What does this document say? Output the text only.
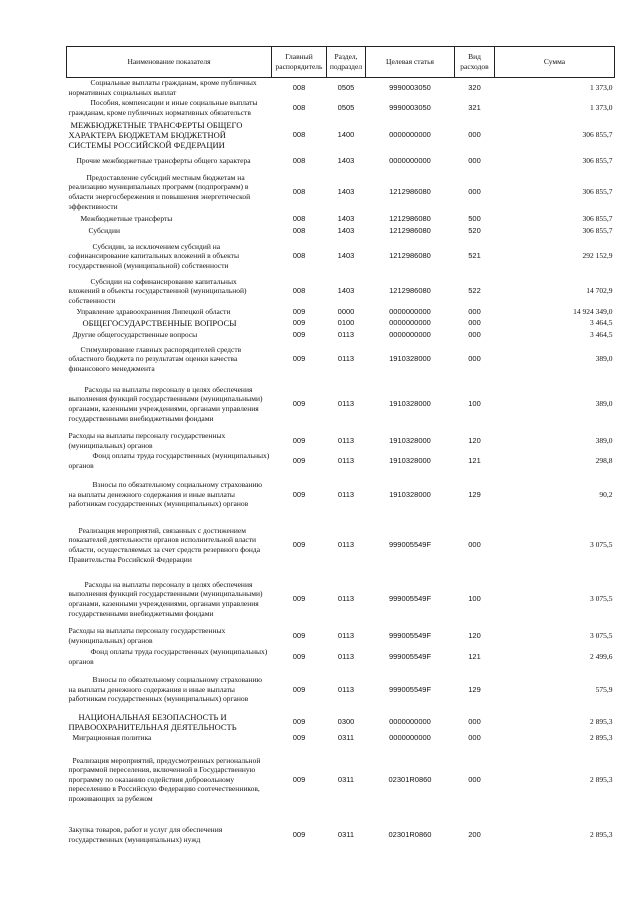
Наименование показателя	Главный распорядитель	Раздел, подраздел	Целевая статья	Вид расходов	Сумма
Социальные выплаты гражданам, кроме публичных нормативных социальных выплат	008	0505	9990003050	320	1 373,0
Пособия, компенсации и иные социальные выплаты гражданам, кроме публичных нормативных обязательств	008	0505	9990003050	321	1 373,0
МЕЖБЮДЖЕТНЫЕ ТРАНСФЕРТЫ ОБЩЕГО ХАРАКТЕРА БЮДЖЕТАМ БЮДЖЕТНОЙ СИСТЕМЫ РОССИЙСКОЙ ФЕДЕРАЦИИ	008	1400	0000000000	000	306 855,7
Прочие межбюджетные трансферты общего характера	008	1403	0000000000	000	306 855,7
Предоставление субсидий местным бюджетам на реализацию муниципальных программ (подпрограмм) в области энергосбережения и повышения энергетической эффективности	008	1403	1212986080	000	306 855,7
Межбюджетные трансферты	008	1403	1212986080	500	306 855,7
Субсидии	008	1403	1212986080	520	306 855,7
Субсидии, за исключением субсидий на софинансирование капитальных вложений в объекты государственной (муниципальной) собственности	008	1403	1212986080	521	292 152,9
Субсидии на софинансирование капитальных вложений в объекты государственной (муниципальной) собственности	008	1403	1212986080	522	14 702,9
Управление здравоохранения Липецкой области	009	0000	0000000000	000	14 924 349,0
ОБЩЕГОСУДАРСТВЕННЫЕ ВОПРОСЫ	009	0100	0000000000	000	3 464,5
Другие общегосударственные вопросы	009	0113	0000000000	000	3 464,5
Стимулирование главных распорядителей средств областного бюджета по результатам оценки качества финансового менеджмента	009	0113	1910328000	000	389,0
Расходы на выплаты персоналу в целях обеспечения выполнения функций государственными (муниципальными) органами, казенными учреждениями, органами управления государственными внебюджетными фондами	009	0113	1910328000	100	389,0
Расходы на выплаты персоналу государственных (муниципальных) органов	009	0113	1910328000	120	389,0
Фонд оплаты труда государственных (муниципальных) органов	009	0113	1910328000	121	298,8
Взносы по обязательному социальному страхованию на выплаты денежного содержания и иные выплаты работникам государственных (муниципальных) органов	009	0113	1910328000	129	90,2
Реализация мероприятий, связанных с достижением показателей деятельности органов исполнительной власти области, осуществляемых за счет средств резервного фонда Правительства Российской Федерации	009	0113	999005549F	000	3 075,5
Расходы на выплаты персоналу в целях обеспечения выполнения функций государственными (муниципальными) органами, казенными учреждениями, органами управления государственными внебюджетными фондами	009	0113	999005549F	100	3 075,5
Расходы на выплаты персоналу государственных (муниципальных) органов	009	0113	999005549F	120	3 075,5
Фонд оплаты труда государственных (муниципальных) органов	009	0113	999005549F	121	2 499,6
Взносы по обязательному социальному страхованию на выплаты денежного содержания и иные выплаты работникам государственных (муниципальных) органов	009	0113	999005549F	129	575,9
НАЦИОНАЛЬНАЯ БЕЗОПАСНОСТЬ И ПРАВООХРАНИТЕЛЬНАЯ ДЕЯТЕЛЬНОСТЬ	009	0300	0000000000	000	2 895,3
Миграционная политика	009	0311	0000000000	000	2 895,3
Реализация мероприятий, предусмотренных региональной программой переселения, включенной в Государственную программу по оказанию содействия добровольному переселению в Российскую Федерацию соотечественников, проживающих за рубежом	009	0311	02301R0860	000	2 895,3
Закупка товаров, работ и услуг для обеспечения государственных (муниципальных) нужд	009	0311	02301R0860	200	2 895,3
